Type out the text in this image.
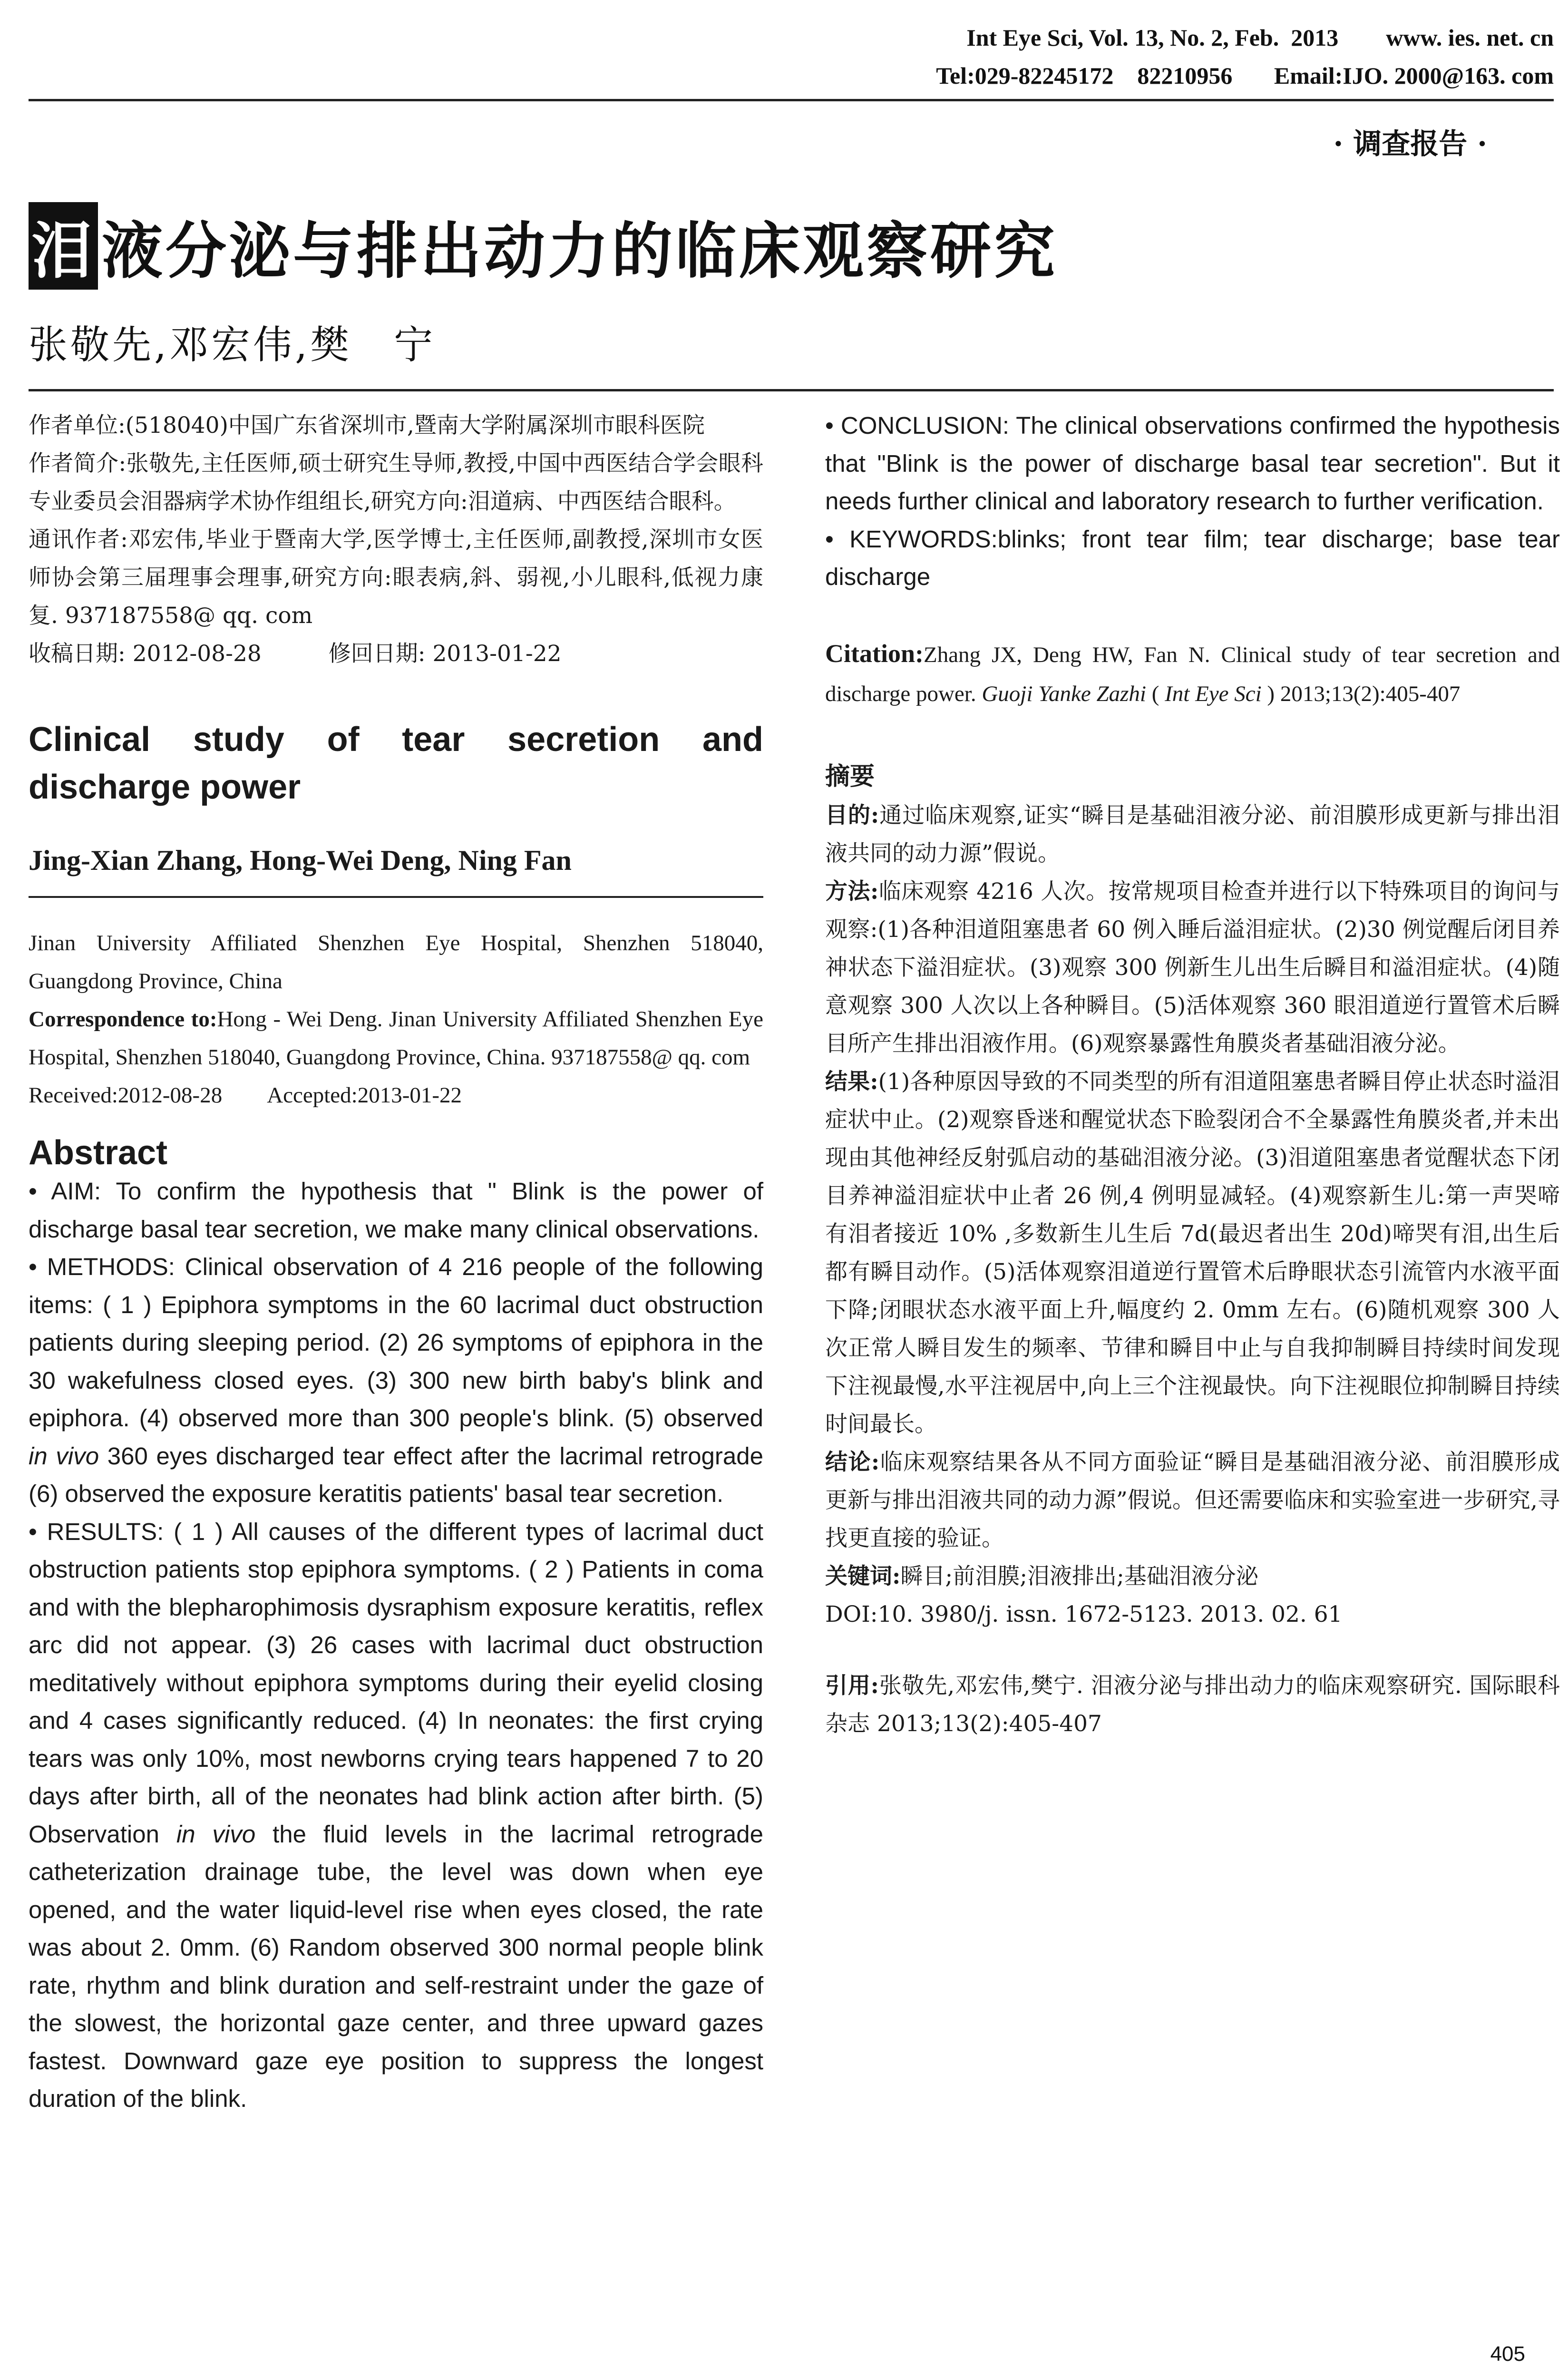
Int Eye Sci, Vol. 13, No. 2, Feb.  2013        www. ies. net. cn
Tel:029-82245172    82210956       Email:IJO. 2000@163. com
· 调查报告 ·
泪 液分泌与排出动力的临床观察研究
张敬先,邓宏伟,樊　宁

作者单位:(518040)中国广东省深圳市,暨南大学附属深圳市眼科医院

作者简介:张敬先,主任医师,硕士研究生导师,教授,中国中西医结合学会眼科专业委员会泪器病学术协作组组长,研究方向:泪道病、中西医结合眼科。

通讯作者:邓宏伟,毕业于暨南大学,医学博士,主任医师,副教授,深圳市女医师协会第三届理事会理事,研究方向:眼表病,斜、弱视,小儿眼科,低视力康复. 937187558@ qq. com

收稿日期: 2012-08-28　　　修回日期: 2013-01-22

Clinical study of tear secretion and discharge power

Jing-Xian Zhang, Hong-Wei Deng, Ning Fan

Jinan University Affiliated Shenzhen Eye Hospital, Shenzhen 518040, Guangdong Province, China

Correspondence to:Hong - Wei Deng. Jinan University Affiliated Shenzhen Eye Hospital, Shenzhen 518040, Guangdong Province, China. 937187558@ qq. com

Received:2012-08-28　　Accepted:2013-01-22

Abstract

• AIM: To confirm the hypothesis that " Blink is the power of discharge basal tear secretion, we make many clinical observations.

• METHODS: Clinical observation of 4 216 people of the following items: ( 1 ) Epiphora symptoms in the 60 lacrimal duct obstruction patients during sleeping period. (2) 26 symptoms of epiphora in the 30 wakefulness closed eyes. (3) 300 new birth baby's blink and epiphora. (4) observed more than 300 people's blink. (5) observed in vivo 360 eyes discharged tear effect after the lacrimal retrograde (6) observed the exposure keratitis patients' basal tear secretion.

• RESULTS: ( 1 ) All causes of the different types of lacrimal duct obstruction patients stop epiphora symptoms. ( 2 ) Patients in coma and with the blepharophimosis dysraphism exposure keratitis, reflex arc did not appear. (3) 26 cases with lacrimal duct obstruction meditatively without epiphora symptoms during their eyelid closing and 4 cases significantly reduced. (4) In neonates: the first crying tears was only 10%, most newborns crying tears happened 7 to 20 days after birth, all of the neonates had blink action after birth. (5) Observation in vivo the fluid levels in the lacrimal retrograde catheterization drainage tube, the level was down when eye opened, and the water liquid-level rise when eyes closed, the rate was about 2. 0mm. (6) Random observed 300 normal people blink rate, rhythm and blink duration and self-restraint under the gaze of the slowest, the horizontal gaze center, and three upward gazes fastest. Downward gaze eye position to suppress the longest duration of the blink.

• CONCLUSION: The clinical observations confirmed the hypothesis that "Blink is the power of discharge basal tear secretion". But it needs further clinical and laboratory research to further verification.

• KEYWORDS:blinks; front tear film; tear discharge; base tear discharge

Citation:Zhang JX, Deng HW, Fan N. Clinical study of tear secretion and discharge power. Guoji Yanke Zazhi ( Int Eye Sci ) 2013;13(2):405-407

摘要

目的:通过临床观察,证实“瞬目是基础泪液分泌、前泪膜形成更新与排出泪液共同的动力源”假说。

方法:临床观察 4216 人次。按常规项目检查并进行以下特殊项目的询问与观察:(1)各种泪道阻塞患者 60 例入睡后溢泪症状。(2)30 例觉醒后闭目养神状态下溢泪症状。(3)观察 300 例新生儿出生后瞬目和溢泪症状。(4)随意观察 300 人次以上各种瞬目。(5)活体观察 360 眼泪道逆行置管术后瞬目所产生排出泪液作用。(6)观察暴露性角膜炎者基础泪液分泌。

结果:(1)各种原因导致的不同类型的所有泪道阻塞患者瞬目停止状态时溢泪症状中止。(2)观察昏迷和醒觉状态下睑裂闭合不全暴露性角膜炎者,并未出现由其他神经反射弧启动的基础泪液分泌。(3)泪道阻塞患者觉醒状态下闭目养神溢泪症状中止者 26 例,4 例明显减轻。(4)观察新生儿:第一声哭啼有泪者接近 10% ,多数新生儿生后 7d(最迟者出生 20d)啼哭有泪,出生后都有瞬目动作。(5)活体观察泪道逆行置管术后睁眼状态引流管内水液平面下降;闭眼状态水液平面上升,幅度约 2. 0mm 左右。(6)随机观察 300 人次正常人瞬目发生的频率、节律和瞬目中止与自我抑制瞬目持续时间发现下注视最慢,水平注视居中,向上三个注视最快。向下注视眼位抑制瞬目持续时间最长。

结论:临床观察结果各从不同方面验证“瞬目是基础泪液分泌、前泪膜形成更新与排出泪液共同的动力源”假说。但还需要临床和实验室进一步研究,寻找更直接的验证。

关键词:瞬目;前泪膜;泪液排出;基础泪液分泌

DOI:10. 3980/j. issn. 1672-5123. 2013. 02. 61

引用:张敬先,邓宏伟,樊宁. 泪液分泌与排出动力的临床观察研究. 国际眼科杂志 2013;13(2):405-407

405
